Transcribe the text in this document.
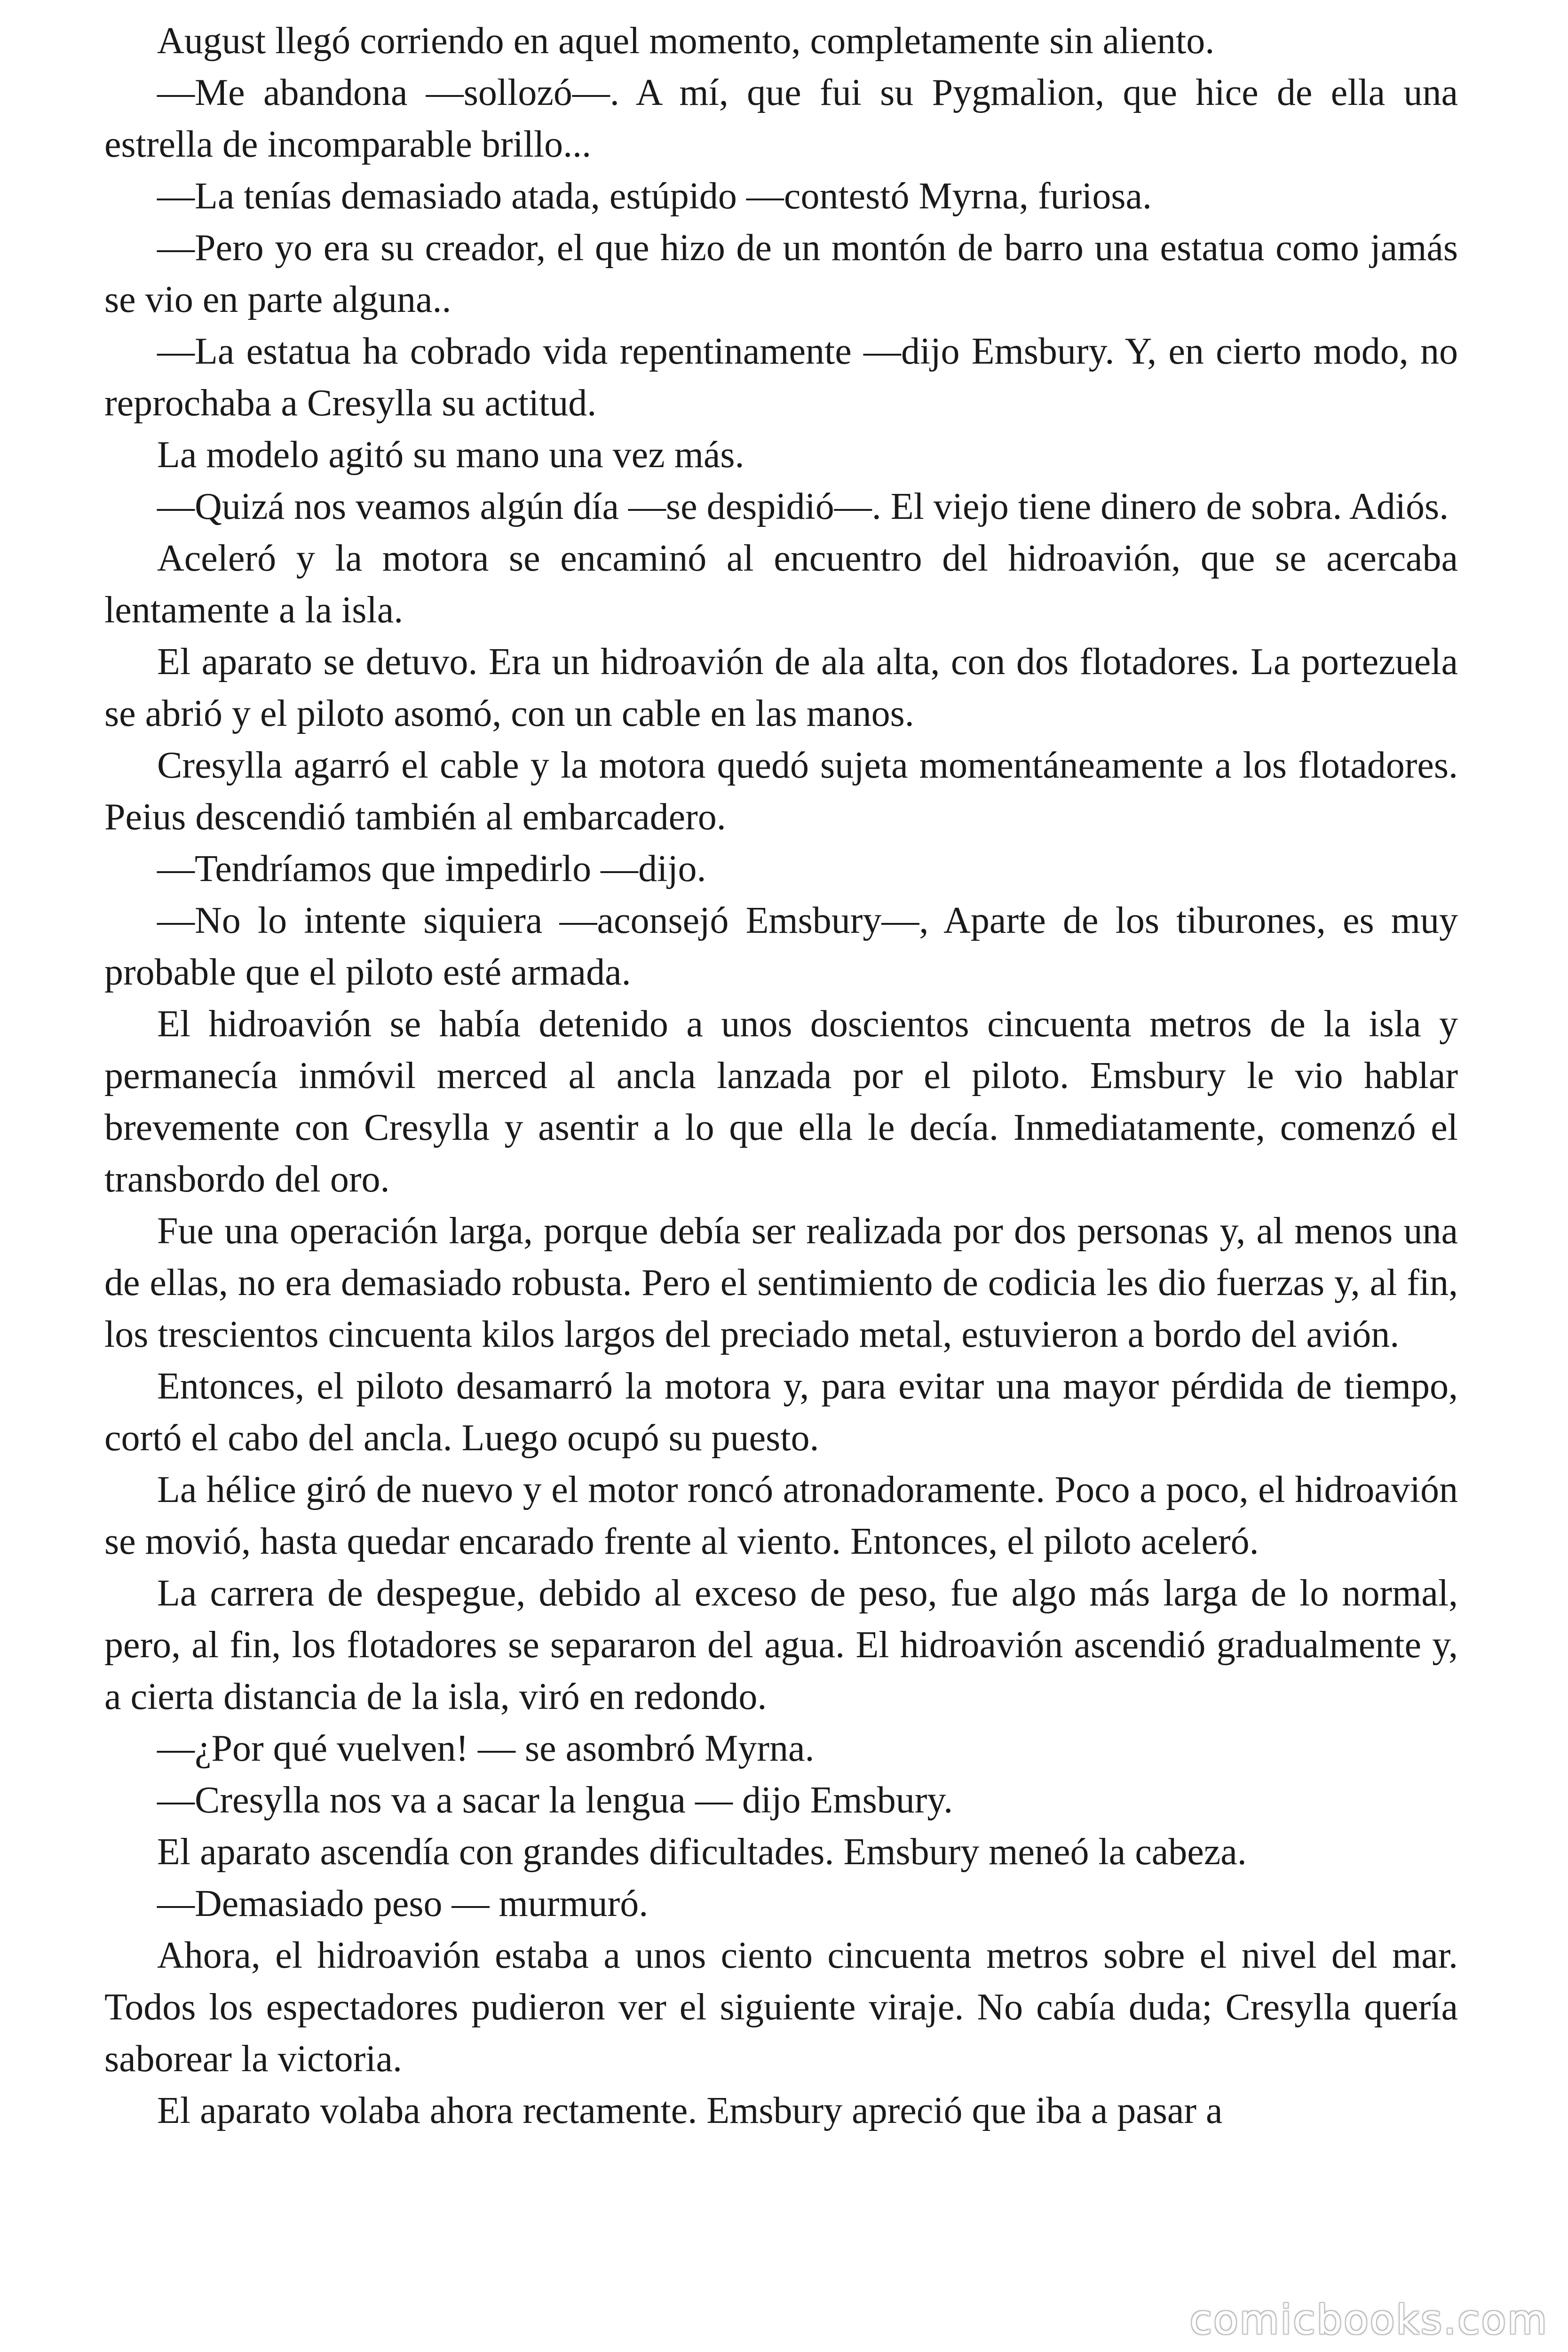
August llegó corriendo en aquel momento, completamente sin aliento.

—Me abandona —sollozó—. A mí, que fui su Pygmalion, que hice de ella una estrella de incomparable brillo...

—La tenías demasiado atada, estúpido —contestó Myrna, furiosa.

—Pero yo era su creador, el que hizo de un montón de barro una estatua como jamás se vio en parte alguna..

—La estatua ha cobrado vida repentinamente —dijo Emsbury. Y, en cierto modo, no reprochaba a Cresylla su actitud.

La modelo agitó su mano una vez más.

—Quizá nos veamos algún día —se despidió—. El viejo tiene dinero de sobra. Adiós.

Aceleró y la motora se encaminó al encuentro del hidroavión, que se acercaba lentamente a la isla.

El aparato se detuvo. Era un hidroavión de ala alta, con dos flotadores. La portezuela se abrió y el piloto asomó, con un cable en las manos.

Cresylla agarró el cable y la motora quedó sujeta momentáneamente a los flotadores. Peius descendió también al embarcadero.

—Tendríamos que impedirlo —dijo.

—No lo intente siquiera —aconsejó Emsbury—, Aparte de los tiburones, es muy probable que el piloto esté armada.

El hidroavión se había detenido a unos doscientos cincuenta metros de la isla y permanecía inmóvil merced al ancla lanzada por el piloto. Emsbury le vio hablar brevemente con Cresylla y asentir a lo que ella le decía. Inmediatamente, comenzó el transbordo del oro.

Fue una operación larga, porque debía ser realizada por dos personas y, al menos una de ellas, no era demasiado robusta. Pero el sentimiento de codicia les dio fuerzas y, al fin, los trescientos cincuenta kilos largos del preciado metal, estuvieron a bordo del avión.

Entonces, el piloto desamarró la motora y, para evitar una mayor pérdida de tiempo, cortó el cabo del ancla. Luego ocupó su puesto.

La hélice giró de nuevo y el motor roncó atronadoramente. Poco a poco, el hidroavión se movió, hasta quedar encarado frente al viento. Entonces, el piloto aceleró.

La carrera de despegue, debido al exceso de peso, fue algo más larga de lo normal, pero, al fin, los flotadores se separaron del agua. El hidroavión ascendió gradualmente y, a cierta distancia de la isla, viró en redondo.

—¿Por qué vuelven! — se asombró Myrna.

—Cresylla nos va a sacar la lengua — dijo Emsbury.

El aparato ascendía con grandes dificultades. Emsbury meneó la cabeza.

—Demasiado peso — murmuró.

Ahora, el hidroavión estaba a unos ciento cincuenta metros sobre el nivel del mar. Todos los espectadores pudieron ver el siguiente viraje. No cabía duda; Cresylla quería saborear la victoria.

El aparato volaba ahora rectamente. Emsbury apreció que iba a pasar a

comicbooks.com
